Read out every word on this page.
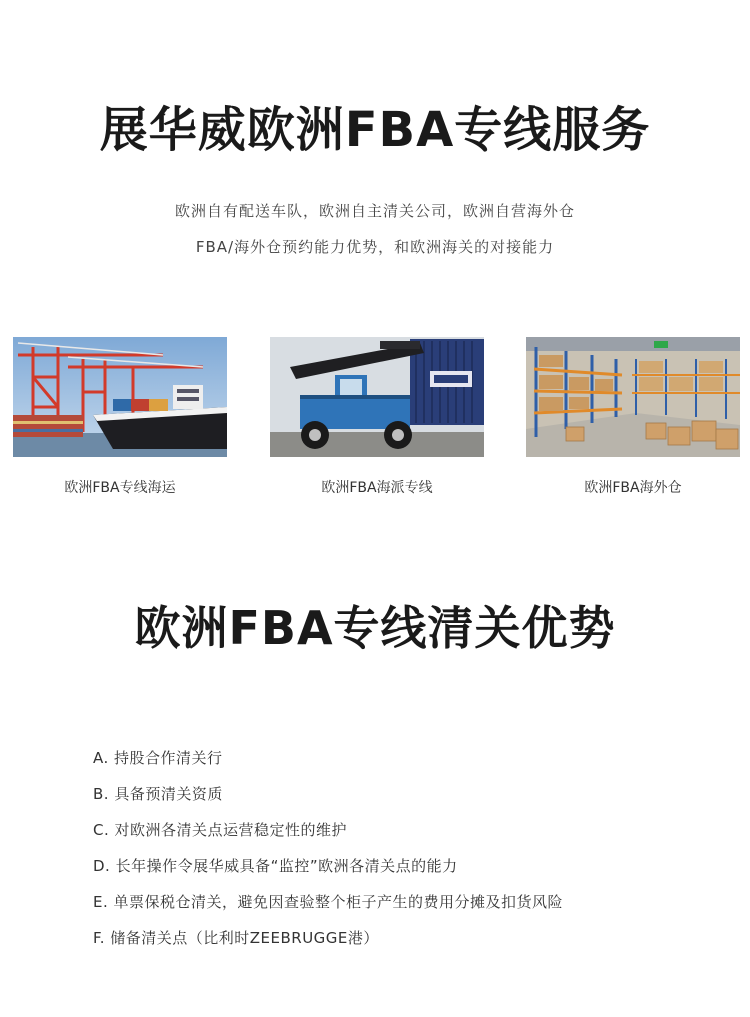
展华威欧洲FBA专线服务
欧洲自有配送车队，欧洲自主清关公司，欧洲自营海外仓
FBA/海外仓预约能力优势，和欧洲海关的对接能力
欧洲FBA专线海运	欧洲FBA海派专线	欧洲FBA海外仓
欧洲FBA专线清关优势
A. 持股合作清关行
B. 具备预清关资质
C. 对欧洲各清关点运营稳定性的维护
D. 长年操作令展华威具备“监控”欧洲各清关点的能力
E. 单票保税仓清关，避免因查验整个柜子产生的费用分摊及扣货风险
F. 储备清关点（比利时ZEEBRUGGE港）
